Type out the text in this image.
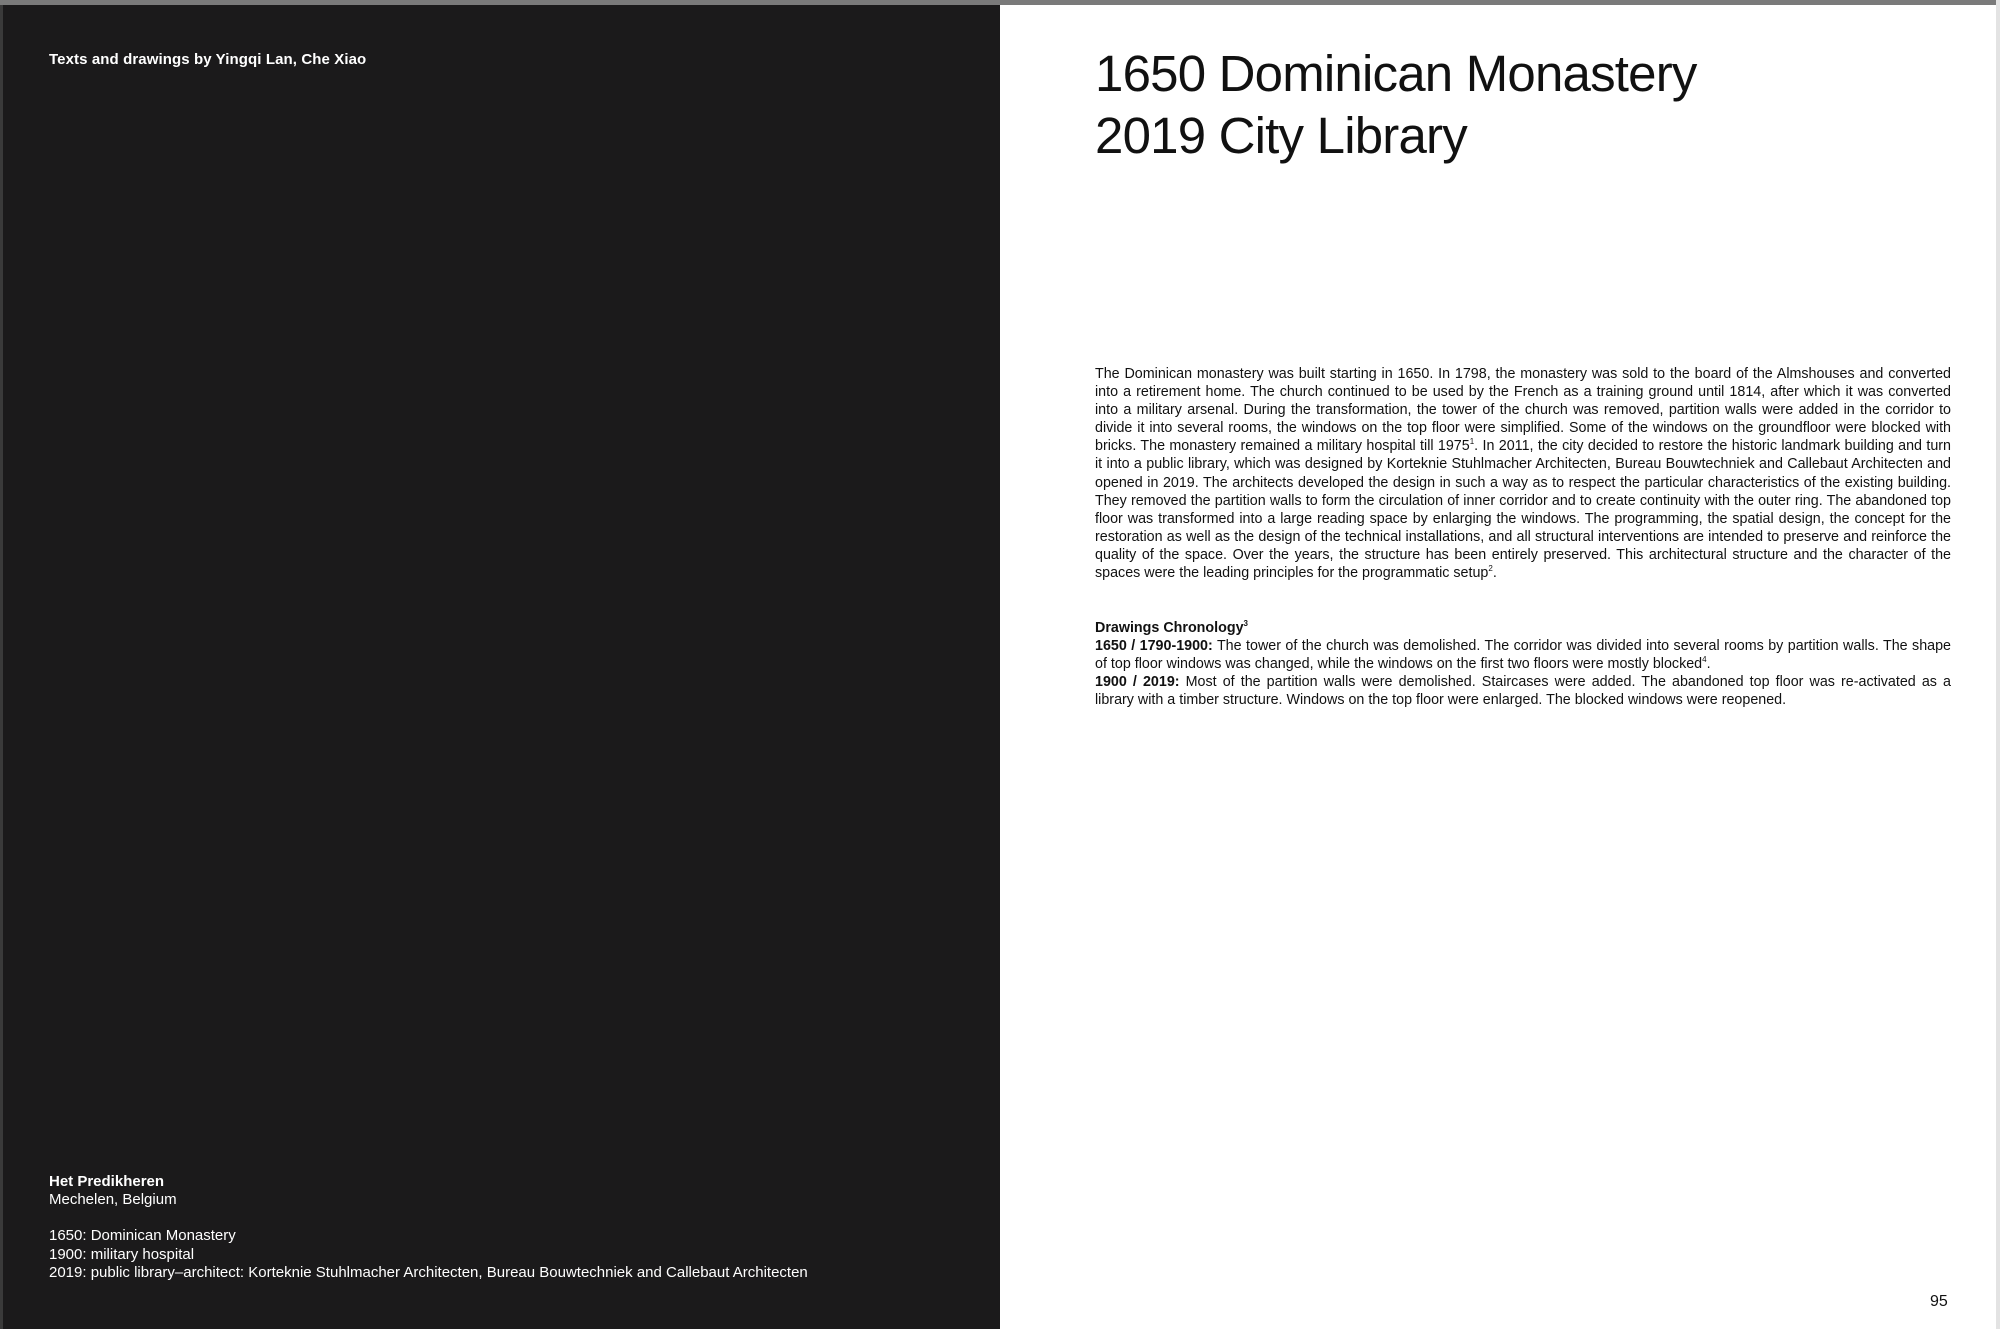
Texts and drawings by Yingqi Lan, Che Xiao
Het Predikheren
Mechelen, Belgium
1650: Dominican Monastery
1900: military hospital
2019: public library–architect: Korteknie Stuhlmacher Architecten, Bureau Bouwtechniek and Callebaut Architecten
1650 Dominican Monastery
2019 City Library

The Dominican monastery was built starting in 1650. In 1798, the monastery was sold to the board of the Almshouses and converted into a retirement home. The church continued to be used by the French as a training ground until 1814, after which it was converted into a military arsenal. During the transformation, the tower of the church was removed, partition walls were added in the corridor to divide it into several rooms, the windows on the top floor were simplified. Some of the windows on the groundfloor were blocked with bricks. The monastery remained a military hospital till 1975$^1$. In 2011, the city decided to restore the historic landmark building and turn it into a public library, which was designed by Korteknie Stuhlmacher Architecten, Bureau Bouwtechniek and Callebaut Architecten and opened in 2019. The architects developed the design in such a way as to respect the particular characteristics of the existing building. They removed the partition walls to form the circulation of inner corridor and to create continuity with the outer ring. The abandoned top floor was transformed into a large reading space by enlarging the windows. The programming, the spatial design, the concept for the restoration as well as the design of the technical installations, and all structural interventions are intended to preserve and reinforce the quality of the space. Over the years, the structure has been entirely preserved. This architectural structure and the character of the spaces were the leading principles for the programmatic setup$^2$.

Drawings Chronology$^3$
1650 / 1790-1900: The tower of the church was demolished. The corridor was divided into several rooms by partition walls. The shape of top floor windows was changed, while the windows on the first two floors were mostly blocked$^4$.
1900 / 2019: Most of the partition walls were demolished. Staircases were added. The abandoned top floor was re-activated as a library with a timber structure. Windows on the top floor were enlarged. The blocked windows were reopened.
95
